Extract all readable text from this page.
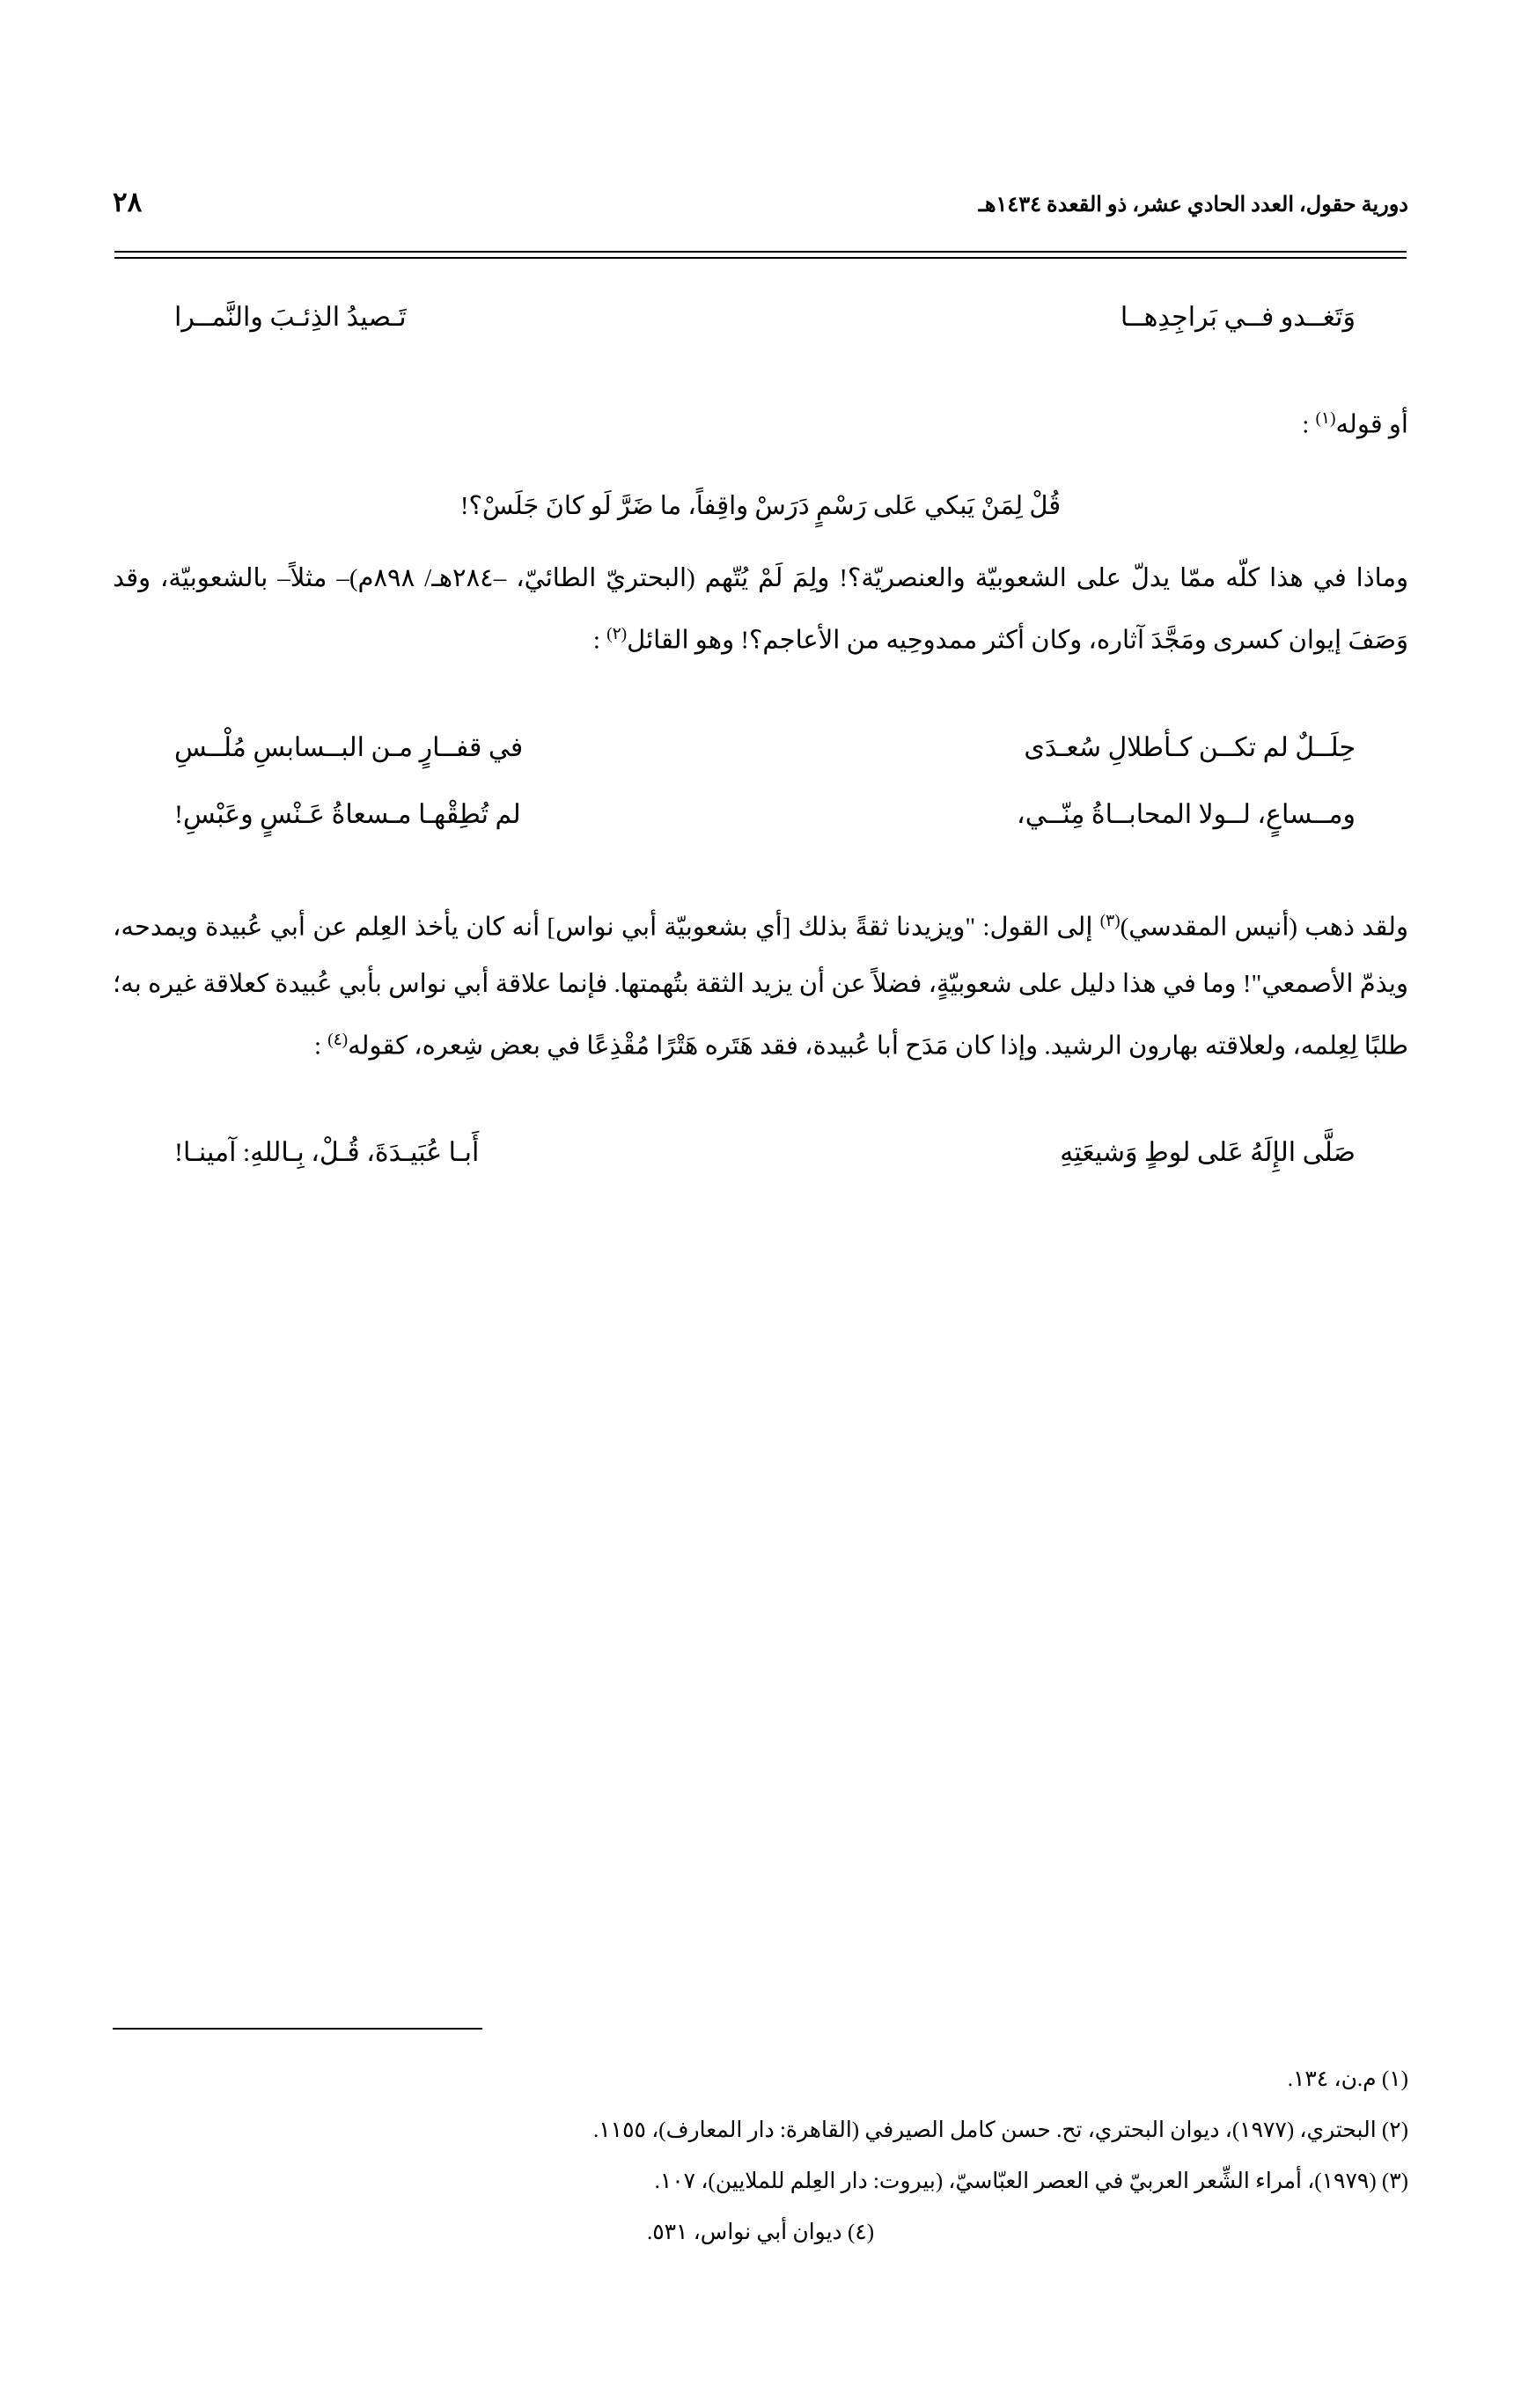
٢٨	دورية حقول، العدد الحادي عشر، ذو القعدة ١٤٣٤هـ
وَتَغــدو فــي بَراجِدِهــا
تَـصيدُ الذِئـبَ والنَّمــرا

أو قوله$^{(١)}$ :

قُلْ لِمَنْ يَبكي عَلى رَسْمٍ دَرَسْ واقِفاً، ما ضَرَّ لَو كانَ جَلَسْ؟!

وماذا في هذا كلّه ممّا يدلّ على الشعوبيّة والعنصريّة؟! ولِمَ لَمْ يُتّهم (البحتريّ الطائيّ، –٢٨٤هـ/ ٨٩٨م)– مثلاً– بالشعوبيّة، وقد وَصَفَ إيوان كسرى ومَجَّدَ آثاره، وكان أكثر ممدوحِيه من الأعاجم؟! وهو القائل$^{(٢)}$ :

حِلَــلٌ لم تكــن كـأطلالِ سُعـدَى
في قفــارٍ مـن البــسابسِ مُلْــسِ
ومــساعٍ، لــولا المحابــاةُ مِنّــي،
لم تُطِقْهـا مـسعاةُ عَـنْسٍ وعَبْسِ!

ولقد ذهب (أنيس المقدسي)$^{(٣)}$ إلى القول: "ويزيدنا ثقةً بذلك [أي بشعوبيّة أبي نواس] أنه كان يأخذ العِلم عن أبي عُبيدة ويمدحه، ويذمّ الأصمعي"! وما في هذا دليل على شعوبيّةٍ، فضلاً عن أن يزيد الثقة بتُهمتها. فإنما علاقة أبي نواس بأبي عُبيدة كعلاقة غيره به؛ طلبًا لِعِلمه، ولعلاقته بهارون الرشيد. وإذا كان مَدَح أبا عُبيدة، فقد هَتَره هَتْرًا مُقْذِعًا في بعض شِعره، كقوله$^{(٤)}$ :

صَلَّى الإِلَهُ عَلى لوطٍ وَشيعَتِهِ
أَبـا عُبَيـدَةَ، قُـلْ، بِـاللهِ: آمينـا!

(١) م.ن، ١٣٤.

(٢) البحتري، (١٩٧٧)، ديوان البحتري، تح. حسن كامل الصيرفي (القاهرة: دار المعارف)، ١١٥٥.

(٣) (١٩٧٩)، أمراء الشِّعر العربيّ في العصر العبّاسيّ، (بيروت: دار العِلم للملايين)، ١٠٧.

(٤) ديوان أبي نواس، ٥٣١.
